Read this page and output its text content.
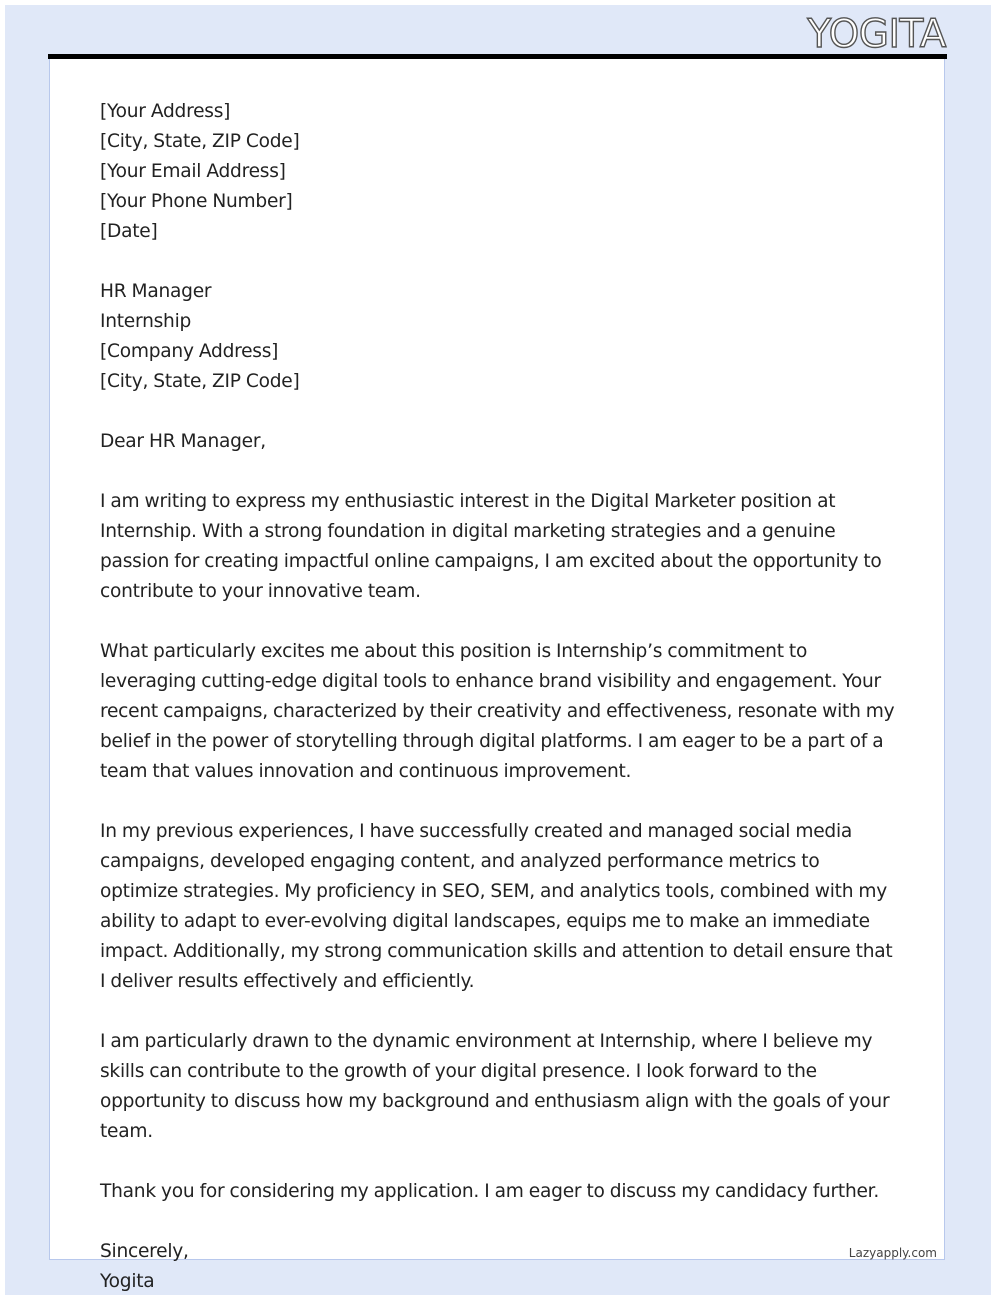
YOGITA
[Your Address]
[City, State, ZIP Code]
[Your Email Address]
[Your Phone Number]
[Date]
HR Manager
Internship
[Company Address]
[City, State, ZIP Code]

Dear HR Manager,

I am writing to express my enthusiastic interest in the Digital Marketer position at Internship. With a strong foundation in digital marketing strategies and a genuine passion for creating impactful online campaigns, I am excited about the opportunity to contribute to your innovative team.

What particularly excites me about this position is Internship’s commitment to leveraging cutting-edge digital tools to enhance brand visibility and engagement. Your recent campaigns, characterized by their creativity and effectiveness, resonate with my belief in the power of storytelling through digital platforms. I am eager to be a part of a team that values innovation and continuous improvement.

In my previous experiences, I have successfully created and managed social media campaigns, developed engaging content, and analyzed performance metrics to optimize strategies. My proficiency in SEO, SEM, and analytics tools, combined with my ability to adapt to ever-evolving digital landscapes, equips me to make an immediate impact. Additionally, my strong communication skills and attention to detail ensure that I deliver results effectively and efficiently.

I am particularly drawn to the dynamic environment at Internship, where I believe my skills can contribute to the growth of your digital presence. I look forward to the opportunity to discuss how my background and enthusiasm align with the goals of your team.

Thank you for considering my application. I am eager to discuss my candidacy further.

Sincerely,
Yogita
Lazyapply.com
